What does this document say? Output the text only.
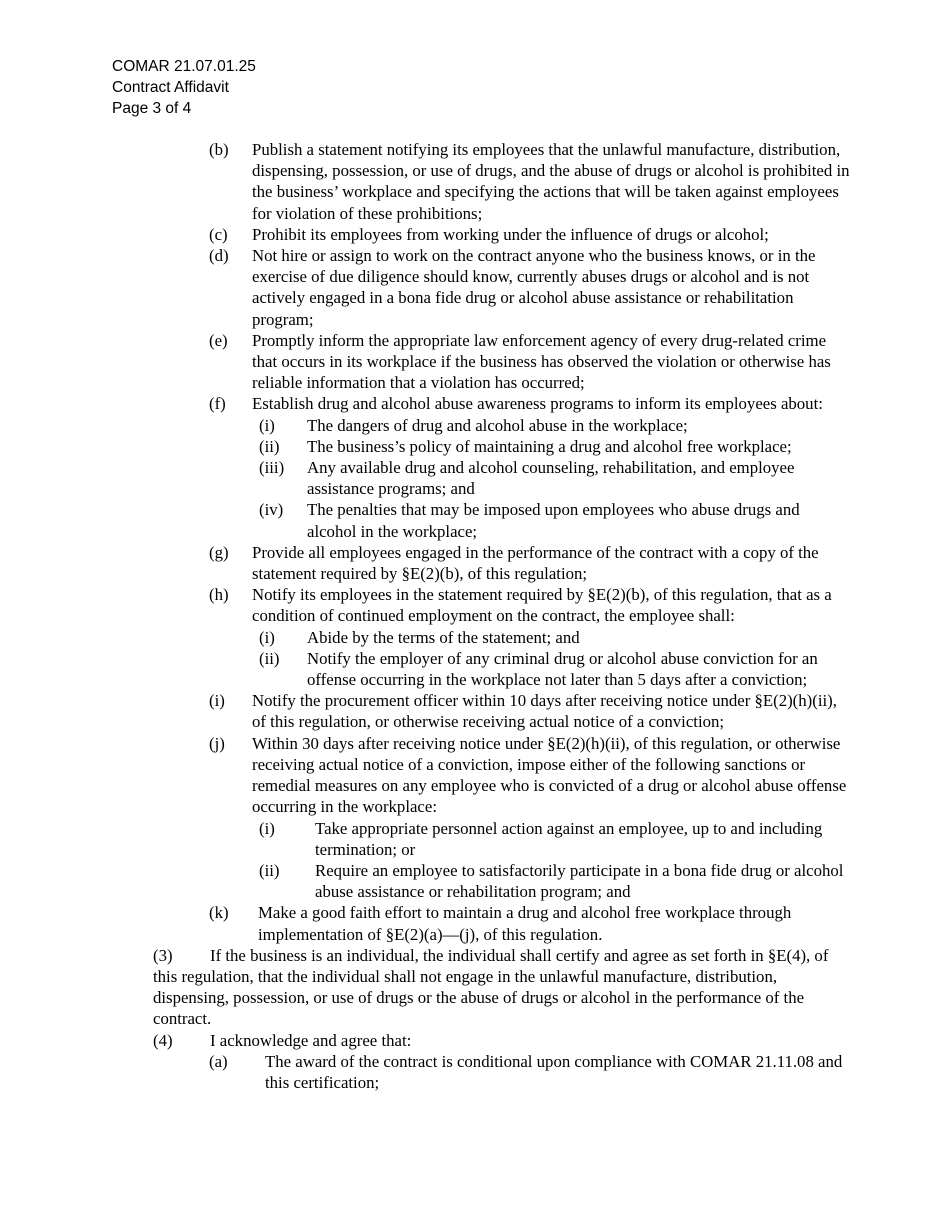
COMAR 21.07.01.25
Contract Affidavit
Page 3 of 4
(b) Publish a statement notifying its employees that the unlawful manufacture, distribution, dispensing, possession, or use of drugs, and the abuse of drugs or alcohol is prohibited in the business’ workplace and specifying the actions that will be taken against employees for violation of these prohibitions;
(c) Prohibit its employees from working under the influence of drugs or alcohol;
(d) Not hire or assign to work on the contract anyone who the business knows, or in the exercise of due diligence should know, currently abuses drugs or alcohol and is not actively engaged in a bona fide drug or alcohol abuse assistance or rehabilitation program;
(e) Promptly inform the appropriate law enforcement agency of every drug-related crime that occurs in its workplace if the business has observed the violation or otherwise has reliable information that a violation has occurred;
(f) Establish drug and alcohol abuse awareness programs to inform its employees about:
(i) The dangers of drug and alcohol abuse in the workplace;
(ii) The business’s policy of maintaining a drug and alcohol free workplace;
(iii) Any available drug and alcohol counseling, rehabilitation, and employee assistance programs; and
(iv) The penalties that may be imposed upon employees who abuse drugs and alcohol in the workplace;
(g) Provide all employees engaged in the performance of the contract with a copy of the statement required by §E(2)(b), of this regulation;
(h) Notify its employees in the statement required by §E(2)(b), of this regulation, that as a condition of continued employment on the contract, the employee shall:
(i) Abide by the terms of the statement; and
(ii) Notify the employer of any criminal drug or alcohol abuse conviction for an offense occurring in the workplace not later than 5 days after a conviction;
(i) Notify the procurement officer within 10 days after receiving notice under §E(2)(h)(ii), of this regulation, or otherwise receiving actual notice of a conviction;
(j) Within 30 days after receiving notice under §E(2)(h)(ii), of this regulation, or otherwise receiving actual notice of a conviction, impose either of the following sanctions or remedial measures on any employee who is convicted of a drug or alcohol abuse offense occurring in the workplace:
(i) Take appropriate personnel action against an employee, up to and including termination; or
(ii) Require an employee to satisfactorily participate in a bona fide drug or alcohol abuse assistance or rehabilitation program; and
(k) Make a good faith effort to maintain a drug and alcohol free workplace through implementation of §E(2)(a)—(j), of this regulation.
(3) If the business is an individual, the individual shall certify and agree as set forth in §E(4), of this regulation, that the individual shall not engage in the unlawful manufacture, distribution, dispensing, possession, or use of drugs or the abuse of drugs or alcohol in the performance of the contract.
(4) I acknowledge and agree that:
(a) The award of the contract is conditional upon compliance with COMAR 21.11.08 and this certification;
